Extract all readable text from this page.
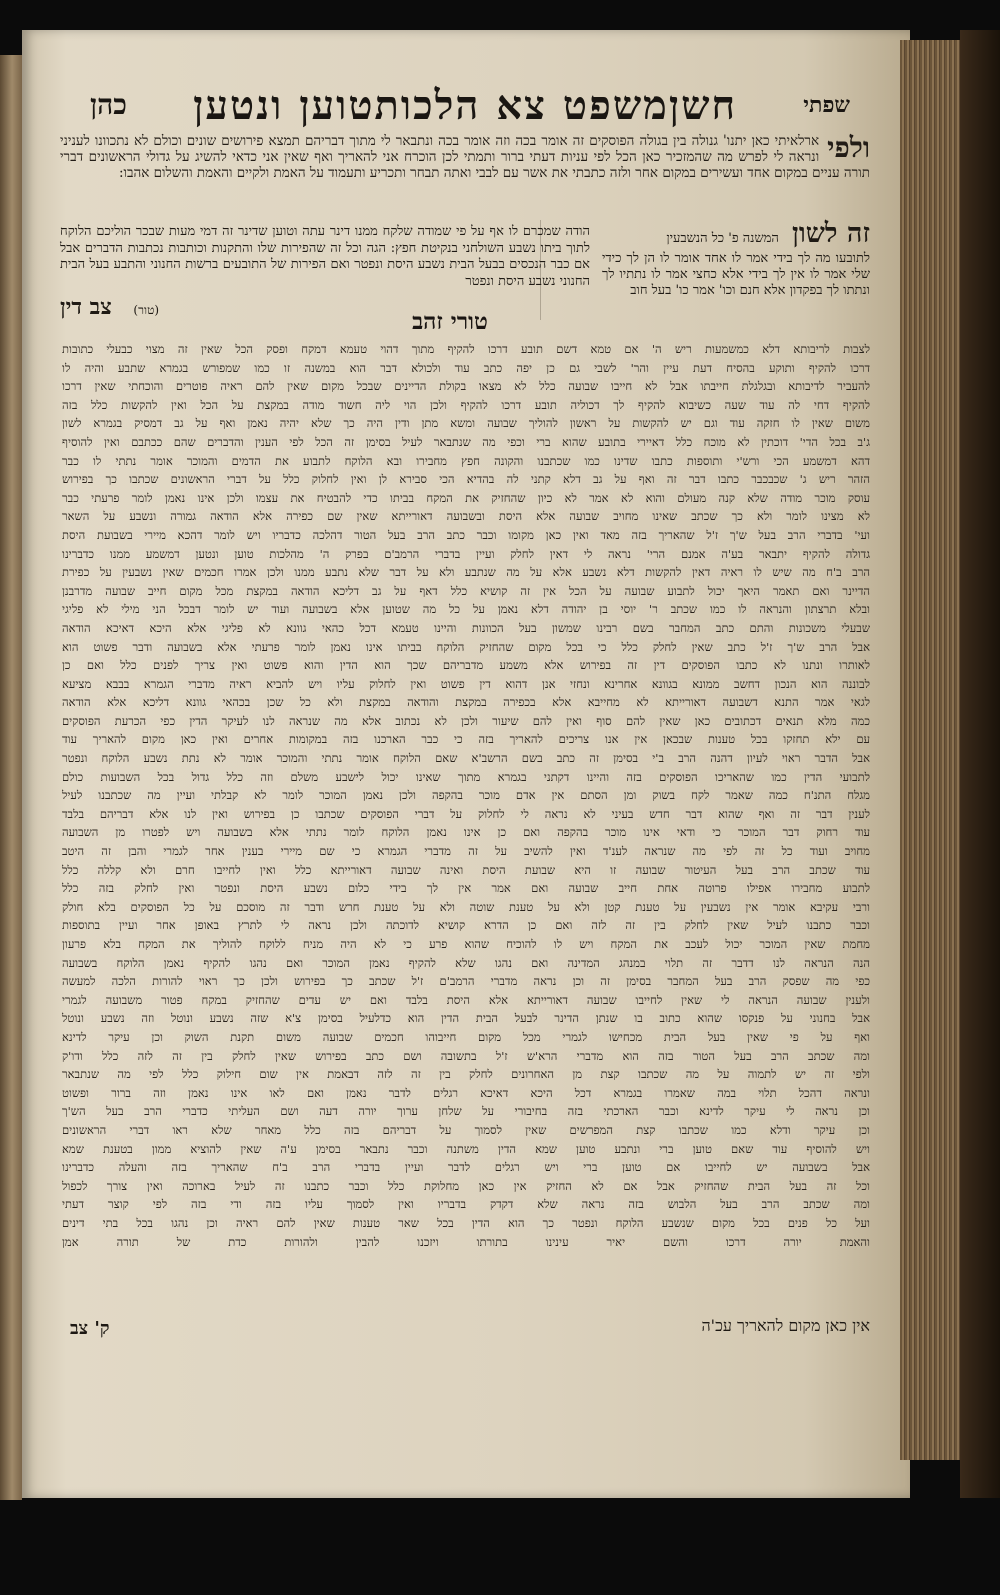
שפתי
חשןמשפט צא הלכותטוען ונטען
כהן
ולפי

ארלאיתי כאן יתנו' גנולה בין בגולה הפוסקים זה אומר בכה וזה אומר בכה ונתבאר לי מתוך דבריהם תמצא פירושים שונים וכולם לא נתכוונו לעניני ונראה לי לפרש מה שהמזכיר כאן הכל לפי עניות דעתי ברור ותמתי לכן הוכרח אני להאריך ואף שאין אני כדאי להשיג על גדולי הראשונים דברי תורה עניים במקום אחד ועשירים במקום אחר ולזה כתבתי את אשר עם לבבי ואתה תבחר ותכריע ותעמוד על האמת ולקיים והאמת והשלום אהבו:

זה לשון המשנה פ' כל הנשבעין

לתובעו מה לך בידי אמר לו אחד אומר לו הן לך כידי שלי אמר לו אין לך בידי אלא כחצי אמר לו נתתיו לך ונתתו לך בפקדון אלא חנם וכו' אמר כו' בעל חוב

הודה שמכרם לו אף על פי שמודה שלקח ממנו דינר עתה וטוען שדינר זה דמי מעות שבכר הוליכם הלוקח לתוך ביתו נשבע השולחני בנקיטת חפץ: הגה וכל זה שהפירות שלו והתקנות וכותבות נכתבות הדברים אבל אם כבר הנכסים בבעל הבית נשבע היסת ונפטר ואם הפירות של התובעים ברשות החנוני והתבע בעל הבית החנוני נשבע היסת ונפטר

(טור) צב דין
טורי זהב
לצבות לריבותא דלא כמשמעות ריש ה' אם טמא דשם תובע דרכו להקיף מתוך דהוי טעמא דמקח ופסק הכל שאין זה מצוי כבעלי כתובות
דרכו להקיף ותוקע בהסיח דעת עיין והר' לשבי גם כן יפה כתב עוד ולכולא דבר הוא במשנה זו כמו שמפורש בגמרא שתבע והיה לו
להעביר לדיבותא ובגלגלת חייבתו אבל לא חייבו שבועה כלל לא מצאו בקולת הדיינים שבכל מקום שאין להם ראיה פוטרים והוכחתי שאין דרכו
להקיף דחי לה עוד שעה כשיבוא להקיף לך דכוליה תובע דרכו להקיף ולכן הוי ליה חשוד מודה במקצת על הכל ואין להקשות כלל בזה
משום שאין לו חזקה עוד וגם יש להקשות על ראשון להוליך שבועה ומשא מתן ודין היה כך שלא יהיה נאמן ואף על גב דמסיק בגמרא לשון
ג'ב בכל הדי' דוכתין לא מוכח כלל דאיירי בתובע שהוא ברי וכפי מה שנתבאר לעיל בסימן זה הכל לפי הענין והדברים שהם ככתבם ואין להוסיף
דהא דמשמע הכי ורש'י ותוספות כתבו שדינו כמו שכתבנו והקונה חפץ מחבירו ובא הלוקח לתבוע את הדמים והמוכר אומר נתתי לו כבר
הזהר ריש ג' שכבכבר כתבו דבר זה ואף על גב דלא קתני לה בהדיא הכי סבירא לן ואין לחלוק כלל על דברי הראשונים שכתבו כך בפירוש
עוסק מוכר מודה שלא קנה מעולם והוא לא אמר לא כיון שהחזיק את המקח בביתו כדי להבטיח את עצמו ולכן אינו נאמן לומר פרעתי כבר
לא מצינו לומר ולא כך שכתב שאינו מחויב שבועה אלא היסת ובשבועה דאורייתא שאין שם כפירה אלא הודאה גמורה ונשבע על השאר
ועי' בדברי הרב בעל ש'ך ז'ל שהאריך בזה מאד ואין כאן מקומו וכבר כתב הרב בעל הטור דהלכה כדבריו ויש לומר דהכא מיירי בשבועת היסת
גדולה להקיף יתבאר בע'ה אמנם הרי' נראה לי דאין לחלק ועיין בדברי הרמב'ם בפרק ה' מהלכות טוען ונטען דמשמע ממנו כדברינו
הרב ב'ח מה שיש לו ראיה דאין להקשות דלא נשבע אלא על מה שנתבע ולא על דבר שלא נתבע ממנו ולכן אמרו חכמים שאין נשבעין על כפירת
הדיינר ואם תאמר היאך יכול לתבוע שבועה על הכל אין זה קושיא כלל דאף על גב דליכא הודאה במקצת מכל מקום חייב שבועה מדרבנן
ובלא תרצתון והנראה לו כמו שכתב ר' יוסי בן יהודה דלא נאמן על כל מה שטוען אלא בשבועה ועוד יש לומר דבכל הני מילי לא פליגי
שבעלי משכונות והתם כתב המחבר בשם רבינו שמשון בעל הכוונות והיינו טעמא דכל כהאי גוונא לא פליגי אלא היכא דאיכא הודאה
אבל הרב ש'ך ז'ל כתב שאין לחלק כלל כי בכל מקום שהחזיק הלוקח בביתו אינו נאמן לומר פרעתי אלא בשבועה ודבר פשוט הוא
לאותרו ונתנו לא כתבו הפוסקים דין זה בפירוש אלא משמע מדבריהם שכך הוא הדין והוא פשוט ואין צריך לפנים כלל ואם כן
לבוננה הוא הנכון דחשב ממונא בגוונא אחרינא ונחזי אנן דהוא דין פשוט ואין לחלוק עליו ויש להביא ראיה מדברי הגמרא בבבא מציעא
לגאי אמר התנא דשבועה דאורייתא לא מחייבא אלא בכפירה במקצת והודאה במקצת ולא כל שכן בכהאי גוונא דליכא אלא הודאה
כמה מלא תנאים דכתובים כאן שאין להם סוף ואין להם שיעור ולכן לא נכתוב אלא מה שנראה לנו לעיקר הדין כפי הכרעת הפוסקים
עם ילא תחזקו בכל טענות שבכאן אין אנו צריכים להאריך בזה כי כבר הארכנו בזה במקומות אחרים ואין כאן מקום להאריך עוד
אבל הדבר ראוי לעיון דהנה הרב ב'י בסימן זה כתב בשם הרשב'א שאם הלוקח אומר נתתי והמוכר אומר לא נתת נשבע הלוקח ונפטר
לתבועי הדין כמו שהאריכו הפוסקים בזה והיינו דקתני בגמרא מתוך שאינו יכול לישבע משלם וזה כלל גדול בכל השבועות כולם
מגלח התנ'ח כמה שאמר לקח בשוק ומן הסתם אין אדם מוכר בהקפה ולכן נאמן המוכר לומר לא קבלתי ועיין מה שכתבנו לעיל
לענין דבר זה ואף שהוא דבר חדש בעיני לא נראה לי לחלוק על דברי הפוסקים שכתבו כן בפירוש ואין לנו אלא דבריהם בלבד
עוד רחוק דבר המוכר כי ודאי אינו מוכר בהקפה ואם כן אינו נאמן הלוקח לומר נתתי אלא בשבועה ויש לפטרו מן השבועה
מחויב ועוד כל זה לפי מה שנראה לענ'ד ואין להשיב על זה מדברי הגמרא כי שם מיירי בענין אחר לגמרי והבן זה היטב
עוד שכתב הרב בעל העיטור שבועה זו היא שבועת היסת ואינה שבועה דאורייתא כלל ואין לחייבו חרם ולא קללה כלל
לתבוע מחבירו אפילו פרוטה אחת חייב שבועה ואם אמר אין לך בידי כלום נשבע היסת ונפטר ואין לחלק בזה כלל
ורבי עקיבא אומר אין נשבעין על טענת קטן ולא על טענת שוטה ולא על טענת חרש ודבר זה מוסכם על כל הפוסקים בלא חולק
וכבר כתבנו לעיל שאין לחלק בין זה לזה ואם כן הדרא קושיא לדוכתה ולכן נראה לי לתרץ באופן אחר ועיין בתוספות
מחמת שאין המוכר יכול לעכב את המקח ויש לו להוכיח שהוא פרע כי לא היה מניח ללוקח להוליך את המקח בלא פרעון
הנה הנראה לנו דדבר זה תלוי במנהג המדינה ואם נהגו שלא להקיף נאמן המוכר ואם נהגו להקיף נאמן הלוקח בשבועה
כפי מה שפסק הרב בעל המחבר בסימן זה וכן נראה מדברי הרמב'ם ז'ל שכתב כך בפירוש ולכן כך ראוי להורות הלכה למעשה
ולענין שבועה הנראה לי שאין לחייבו שבועה דאורייתא אלא היסת בלבד ואם יש עדים שהחזיק במקח פטור משבועה לגמרי
אבל בחנוני על פנקסו שהוא כתוב בו שנתן הדינר לבעל הבית הדין הוא כדלעיל בסימן צ'א שזה נשבע ונוטל וזה נשבע ונוטל
ואף על פי שאין בעל הבית מכחישו לגמרי מכל מקום חייבוהו חכמים שבועה משום תקנת השוק וכן עיקר לדינא
ומה שכתב הרב בעל הטור בזה הוא מדברי הרא'ש ז'ל בתשובה ושם כתב בפירוש שאין לחלק בין זה לזה כלל ודו'ק
ולפי זה יש לתמוה על מה שכתבו קצת מן האחרונים לחלק בין זה לזה דבאמת אין שום חילוק כלל לפי מה שנתבאר
ונראה דהכל תלוי במה שאמרו בגמרא דכל היכא דאיכא רגלים לדבר נאמן ואם לאו אינו נאמן וזה ברור ופשוט
וכן נראה לי עיקר לדינא וכבר הארכתי בזה בחיבורי על שלחן ערוך יורה דעה ושם העליתי כדברי הרב בעל הש'ך
וכן עיקר ודלא כמו שכתבו קצת המפרשים שאין לסמוך על דבריהם בזה כלל מאחר שלא ראו דברי הראשונים
ויש להוסיף עוד שאם טוען ברי ונתבע טוען שמא הדין משתנה וכבר נתבאר בסימן ע'ה שאין להוציא ממון בטענת שמא
אבל בשבועה יש לחייבו אם טוען ברי ויש רגלים לדבר ועיין בדברי הרב ב'ח שהאריך בזה והעלה כדברינו
וכל זה בעל הבית שהחזיק אבל אם לא החזיק אין כאן מחלוקת כלל וכבר כתבנו זה לעיל בארוכה ואין צורך לכפול
ומה שכתב הרב בעל הלבוש בזה נראה שלא דקדק בדבריו ואין לסמוך עליו בזה ודי בזה לפי קוצר דעתי
ועל כל פנים בכל מקום שנשבע הלוקח ונפטר כך הוא הדין בכל שאר טענות שאין להם ראיה וכן נהגו בכל בתי דינים
והאמת יורה דרכו והשם יאיר עינינו בתורתו ויזכנו להבין ולהורות כדת של תורה אמן
אין כאן מקום להאריך עכ'ה
ק' צב
